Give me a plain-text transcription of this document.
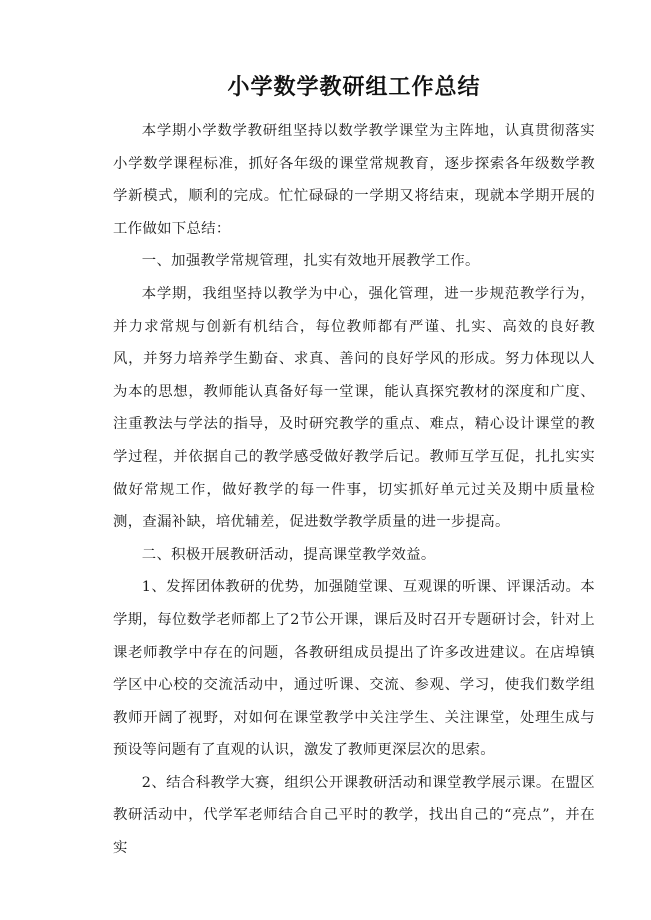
小学数学教研组工作总结

本学期小学数学教研组坚持以数学教学课堂为主阵地，认真贯彻落实小学数学课程标准，抓好各年级的课堂常规教育，逐步探索各年级数学教学新模式，顺利的完成。忙忙碌碌的一学期又将结束，现就本学期开展的工作做如下总结：

一、加强教学常规管理，扎实有效地开展教学工作。

本学期，我组坚持以教学为中心，强化管理，进一步规范教学行为，并力求常规与创新有机结合，每位教师都有严谨、扎实、高效的良好教风，并努力培养学生勤奋、求真、善问的良好学风的形成。努力体现以人为本的思想，教师能认真备好每一堂课，能认真探究教材的深度和广度、注重教法与学法的指导，及时研究教学的重点、难点，精心设计课堂的教学过程，并依据自己的教学感受做好教学后记。教师互学互促，扎扎实实做好常规工作，做好教学的每一件事，切实抓好单元过关及期中质量检测，查漏补缺，培优辅差，促进数学教学质量的进一步提高。

二、积极开展教研活动，提高课堂教学效益。

1、发挥团体教研的优势，加强随堂课、互观课的听课、评课活动。本学期，每位数学老师都上了2节公开课，课后及时召开专题研讨会，针对上课老师教学中存在的问题，各教研组成员提出了许多改进建议。在店埠镇学区中心校的交流活动中，通过听课、交流、参观、学习，使我们数学组教师开阔了视野，对如何在课堂教学中关注学生、关注课堂，处理生成与预设等问题有了直观的认识，激发了教师更深层次的思索。

2、结合科教学大赛，组织公开课教研活动和课堂教学展示课。在盟区教研活动中，代学军老师结合自己平时的教学，找出自己的“亮点”，并在实
